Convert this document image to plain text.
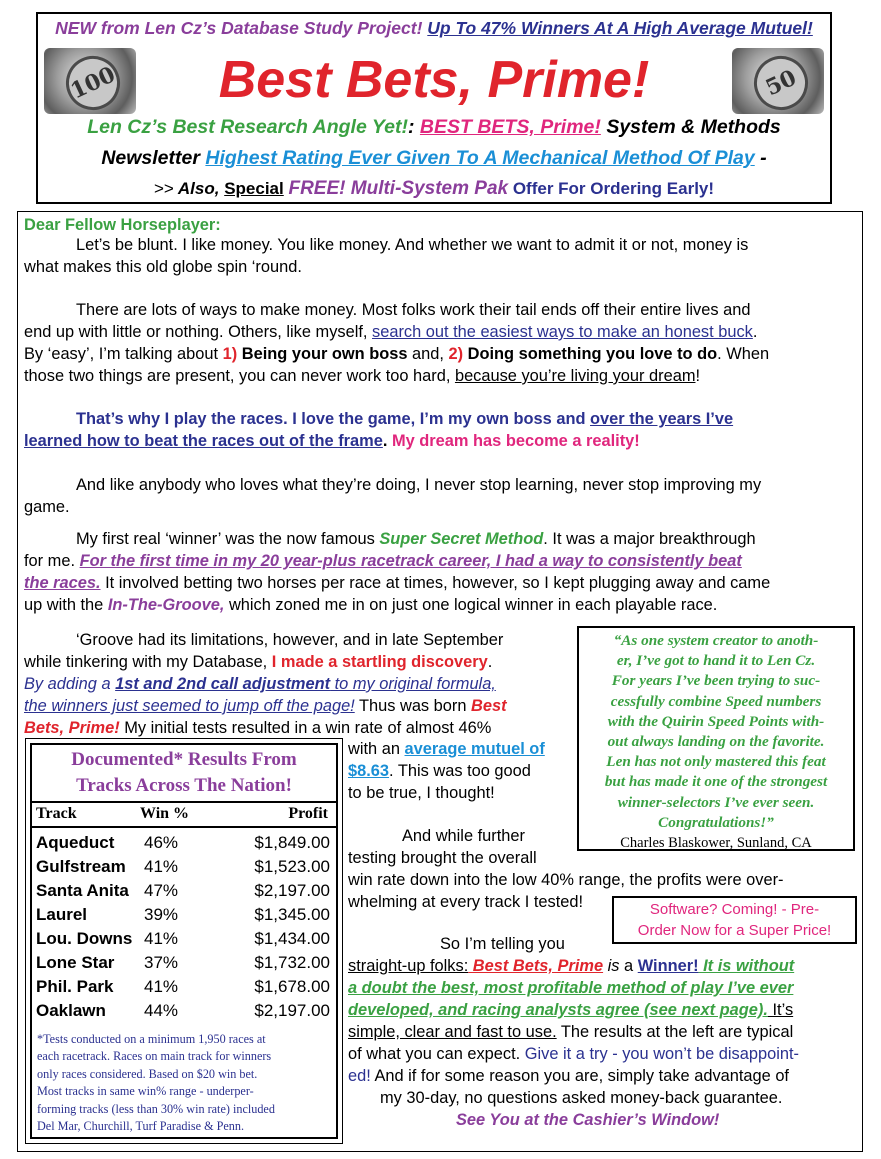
NEW from Len Cz’s Database Study Project! Up To 47% Winners At A High Average Mutuel!
100	50
Best Bets, Prime!
Len Cz’s Best Research Angle Yet!: BEST BETS, Prime! System & Methods
Newsletter Highest Rating Ever Given To A Mechanical Method Of Play -
>> Also, Special FREE! Multi-System Pak Offer For Ordering Early!
Dear Fellow Horseplayer:
Let’s be blunt. I like money. You like money. And whether we want to admit it or not, money is
what makes this old globe spin ‘round.
There are lots of ways to make money. Most folks work their tail ends off their entire lives and
end up with little or nothing. Others, like myself, search out the easiest ways to make an honest buck.
By ‘easy’, I’m talking about 1) Being your own boss and, 2) Doing something you love to do. When
those two things are present, you can never work too hard, because you’re living your dream!
That’s why I play the races. I love the game, I’m my own boss and over the years I’ve
learned how to beat the races out of the frame. My dream has become a reality!
And like anybody who loves what they’re doing, I never stop learning, never stop improving my
game.
My first real ‘winner’ was the now famous Super Secret Method. It was a major breakthrough
for me. For the first time in my 20 year-plus racetrack career, I had a way to consistently beat
the races. It involved betting two horses per race at times, however, so I kept plugging away and came
up with the In-The-Groove, which zoned me in on just one logical winner in each playable race.
‘Groove had its limitations, however, and in late September
while tinkering with my Database, I made a startling discovery.
By adding a 1st and 2nd call adjustment to my original formula,
the winners just seemed to jump off the page! Thus was born Best
Bets, Prime! My initial tests resulted in a win rate of almost 46%
with an average mutuel of
$8.63. This was too good
to be true, I thought!
And while further
testing brought the overall
win rate down into the low 40% range, the profits were over-
whelming at every track I tested!
So I’m telling you
straight-up folks: Best Bets, Prime is a Winner! It is without
a doubt the best, most profitable method of play I’ve ever
developed, and racing analysts agree (see next page). It’s
simple, clear and fast to use. The results at the left are typical
of what you can expect. Give it a try - you won’t be disappoint-
ed! And if for some reason you are, simply take advantage of
my 30-day, no questions asked money-back guarantee.
See You at the Cashier’s Window!
“As one system creator to anoth-
er, I’ve got to hand it to Len Cz.
For years I’ve been trying to suc-
cessfully combine Speed numbers
with the Quirin Speed Points with-
out always landing on the favorite.
Len has not only mastered this feat
but has made it one of the strongest
winner-selectors I’ve ever seen.
Congratulations!”
Charles Blaskower, Sunland, CA
Software? Coming! - Pre-
Order Now for a Super Price!
Documented* Results From
Tracks Across The Nation!
Track	Win %	Profit
Aqueduct 46%	$1,849.00
Gulfstream 41%	$1,523.00
Santa Anita 47%	$2,197.00
Laurel	39%	$1,345.00
Lou. Downs 41%	$1,434.00
Lone Star 37%	$1,732.00
Phil. Park 41%	$1,678.00
Oaklawn 44%	$2,197.00
*Tests conducted on a minimum 1,950 races at
each racetrack. Races on main track for winners
only races considered. Based on $20 win bet.
Most tracks in same win% range - underper-
forming tracks (less than 30% win rate) included
Del Mar, Churchill, Turf Paradise & Penn.
